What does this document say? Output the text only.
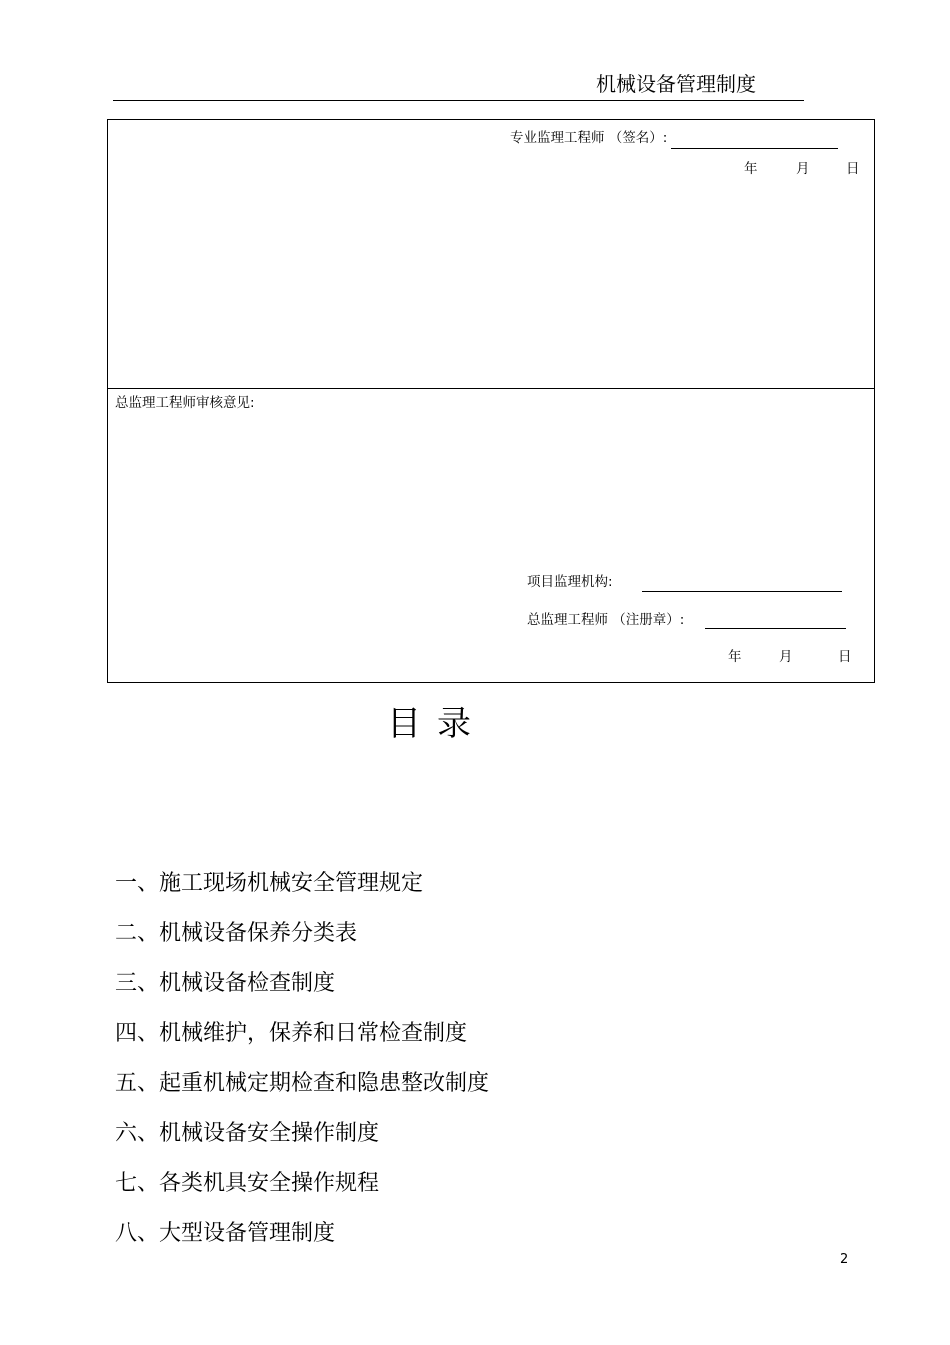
机械设备管理制度
专业监理工程师 （签名）:
年	月	日
总监理工程师审核意见:
项目监理机构:
总监理工程师 （注册章）:
年	月	日
目录
一、施工现场机械安全管理规定
二、机械设备保养分类表
三、机械设备检查制度
四、机械维护，保养和日常检查制度
五、起重机械定期检查和隐患整改制度
六、机械设备安全操作制度
七、各类机具安全操作规程
八、大型设备管理制度
2
